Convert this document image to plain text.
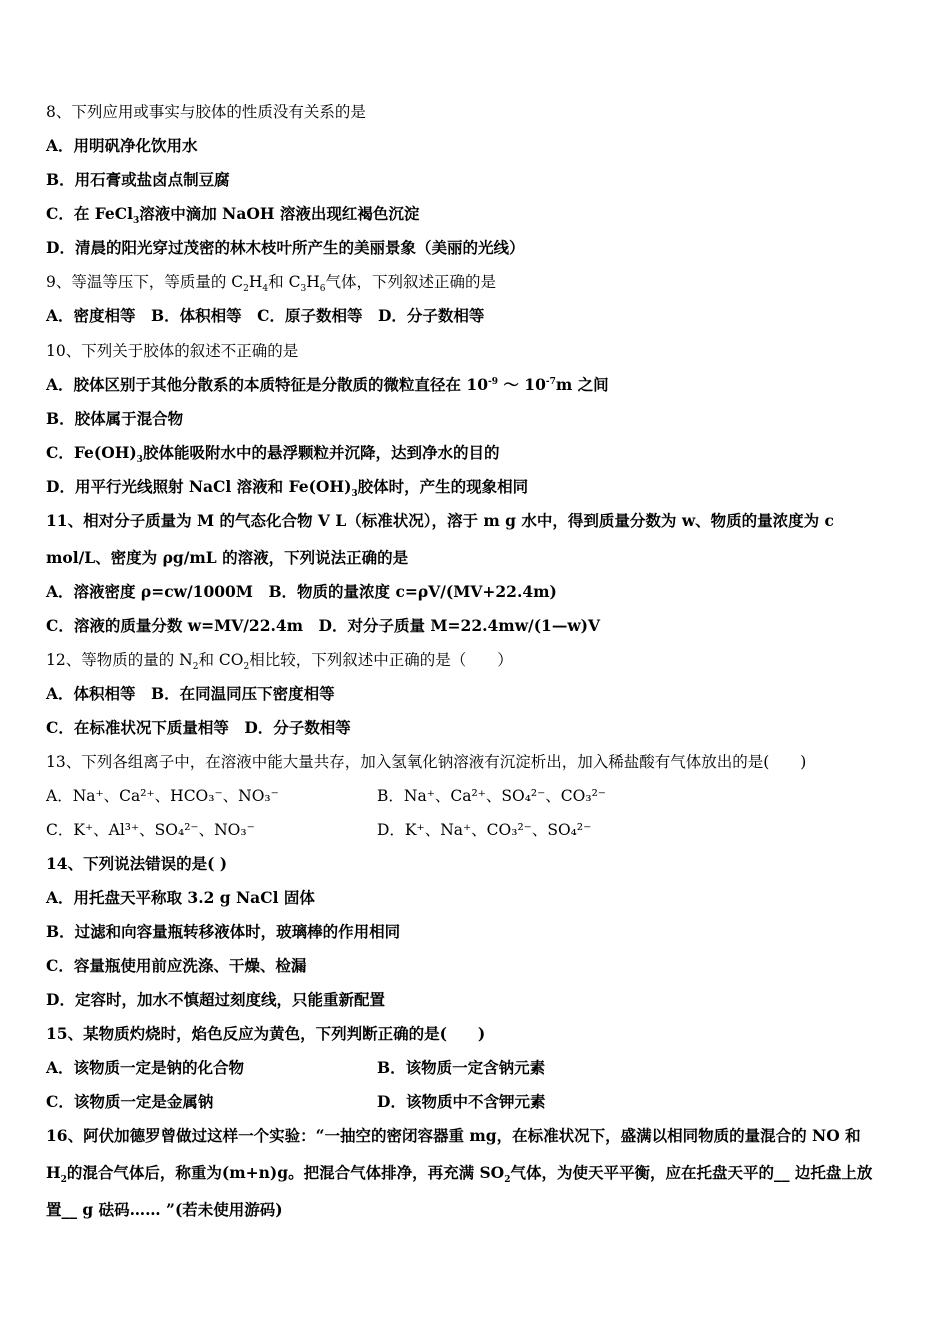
8、下列应用或事实与胶体的性质没有关系的是
A．用明矾净化饮用水
B．用石膏或盐卤点制豆腐
C．在 FeCl$_3$溶液中滴加 NaOH 溶液出现红褐色沉淀
D．清晨的阳光穿过茂密的林木枝叶所产生的美丽景象（美丽的光线）
9、等温等压下，等质量的 $C_2H_4$和 $C_3H_6$气体，下列叙述正确的是
A．密度相等　B．体积相等　C．原子数相等　D．分子数相等
10、下列关于胶体的叙述不正确的是
A．胶体区别于其他分散系的本质特征是分散质的微粒直径在 $10^{-9}$ ～ $10^{-7}m$ 之间
B．胶体属于混合物
C．$Fe(OH)_3$胶体能吸附水中的悬浮颗粒并沉降，达到净水的目的
D．用平行光线照射 NaCl 溶液和 $Fe(OH)_3$胶体时，产生的现象相同
11、相对分子质量为 M 的气态化合物 V L（标准状况），溶于 m g 水中，得到质量分数为 w、物质的量浓度为 c
mol/L、密度为 ρg/mL 的溶液，下列说法正确的是
A．溶液密度 ρ=cw/1000M　B．物质的量浓度 c=ρV/(MV+22.4m)
C．溶液的质量分数 w=MV/22.4m　D．对分子质量 M=22.4mw/(1—w)V
12、等物质的量的 $N_2$和 $CO_2$相比较，下列叙述中正确的是（　　）
A．体积相等　B．在同温同压下密度相等
C．在标准状况下质量相等　D．分子数相等
13、下列各组离子中，在溶液中能大量共存，加入氢氧化钠溶液有沉淀析出，加入稀盐酸有气体放出的是(　　)
A．Na⁺、Ca²⁺、HCO₃⁻、NO₃⁻	B．Na⁺、Ca²⁺、SO₄²⁻、CO₃²⁻
C．K⁺、Al³⁺、SO₄²⁻、NO₃⁻	D．K⁺、Na⁺、CO₃²⁻、SO₄²⁻
14、下列说法错误的是( )
A．用托盘天平称取 3.2 g NaCl 固体
B．过滤和向容量瓶转移液体时，玻璃棒的作用相同
C．容量瓶使用前应洗涤、干燥、检漏
D．定容时，加水不慎超过刻度线，只能重新配置
15、某物质灼烧时，焰色反应为黄色，下列判断正确的是(　　)
A．该物质一定是钠的化合物	B．该物质一定含钠元素
C．该物质一定是金属钠	D．该物质中不含钾元素
16、阿伏加德罗曾做过这样一个实验：“一抽空的密闭容器重 mg，在标准状况下，盛满以相同物质的量混合的 NO 和
$H_2$的混合气体后，称重为(m+n)g。把混合气体排净，再充满 $SO_2$气体，为使天平平衡，应在托盘天平的__ 边托盘上放
置__ g 砝码…… ”(若未使用游码)
